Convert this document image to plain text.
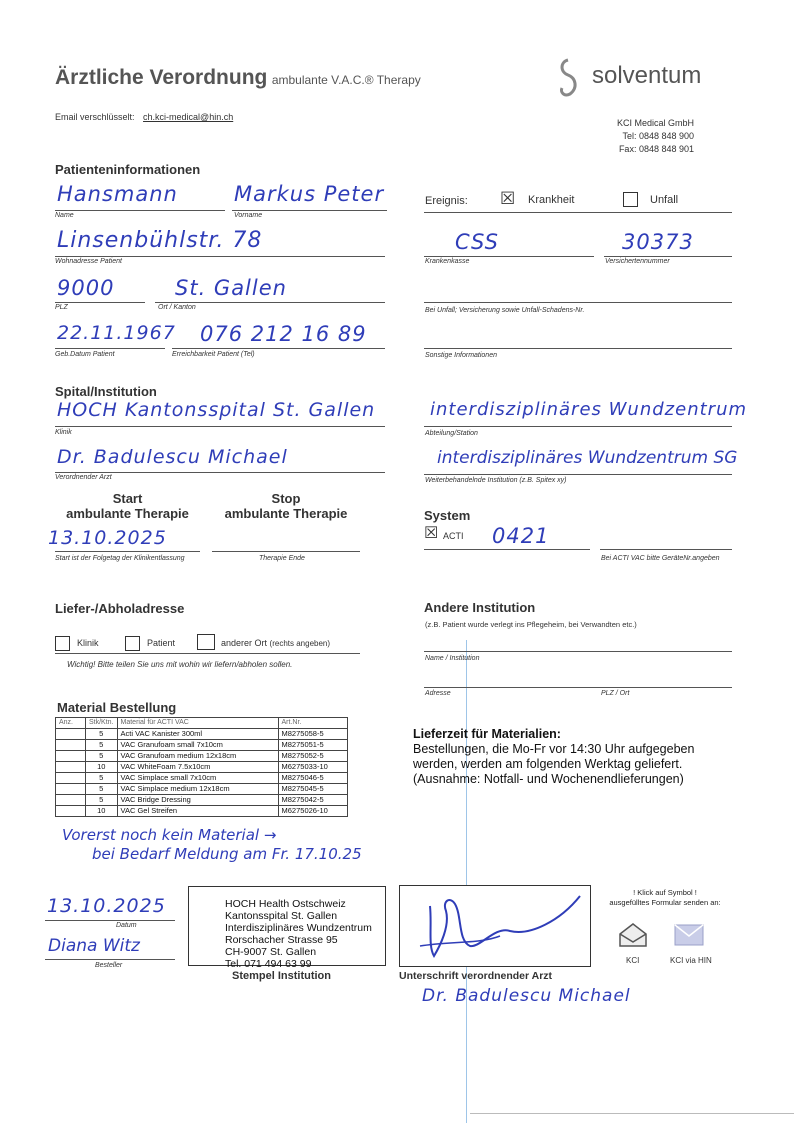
Ärztliche Verordnung ambulante V.A.C.® Therapy
Email verschlüsselt: ch.kci-medical@hin.ch
solventum
KCI Medical GmbH
Tel: 0848 848 900
Fax: 0848 848 901
Patienteninformationen
Hansmann
Name
Markus Peter
Vorname
Linsenbühlstr. 78
Wohnadresse Patient
9000
PLZ
St. Gallen
Ort / Kanton
22.11.1967
Geb.Datum Patient
076 212 16 89
Erreichbarkeit Patient (Tel)
Ereignis: ☒ Krankheit	Unfall
CSS
Krankenkasse
30373
Versichertennummer
Bei Unfall; Versicherung sowie Unfall-Schadens-Nr.
Sonstige Informationen
Spital/Institution
HOCH Kantonsspital St. Gallen
Klinik
Dr. Badulescu Michael
Verordnender Arzt
interdisziplinäres Wundzentrum
Abteilung/Station
interdisziplinäres Wundzentrum SG
Weiterbehandelnde Institution (z.B. Spitex xy)
Start
ambulante Therapie
Stop
ambulante Therapie
13.10.2025
Start ist der Folgetag der Klinikentlassung	Therapie Ende
System
☒ ACTI 0421
Bei ACTI VAC bitte GeräteNr.angeben
Liefer-/Abholadresse
Klinik	Patient	anderer Ort (rechts angeben)
Wichtig! Bitte teilen Sie uns mit wohin wir liefern/abholen sollen.
Andere Institution
(z.B. Patient wurde verlegt ins Pflegeheim, bei Verwandten etc.)
Name / Institution
Adresse	PLZ / Ort
Material Bestellung
Anz.	Stk/Ktn.	Material für ACTI VAC	Art.Nr.
	5	Acti VAC Kanister 300ml	M8275058-5
	5	VAC Granufoam small 7x10cm	M8275051-5
	5	VAC Granufoam medium 12x18cm	M8275052-5
	10	VAC WhiteFoam 7.5x10cm	M6275033-10
	5	VAC Simplace small 7x10cm	M8275046-5
	5	VAC Simplace medium 12x18cm	M8275045-5
	5	VAC Bridge Dressing	M8275042-5
	10	VAC Gel Streifen	M6275026-10
Vorerst noch kein Material →
bei Bedarf Meldung am Fr. 17.10.25
Lieferzeit für Materialien:
Bestellungen, die Mo-Fr vor 14:30 Uhr aufgegeben
werden, werden am folgenden Werktag geliefert.
(Ausnahme: Notfall- und Wochenendlieferungen)
13.10.2025
Datum
Diana Witz
Besteller
HOCH Health Ostschweiz
Kantonsspital St. Gallen
Interdisziplinäres Wundzentrum
Rorschacher Strasse 95
CH-9007 St. Gallen
Tel. 071 494 63 99
Stempel Institution	Unterschrift verordnender Arzt
Dr. Badulescu Michael
! Klick auf Symbol !
ausgefülltes Formular senden an:
KCI	KCI via HIN
